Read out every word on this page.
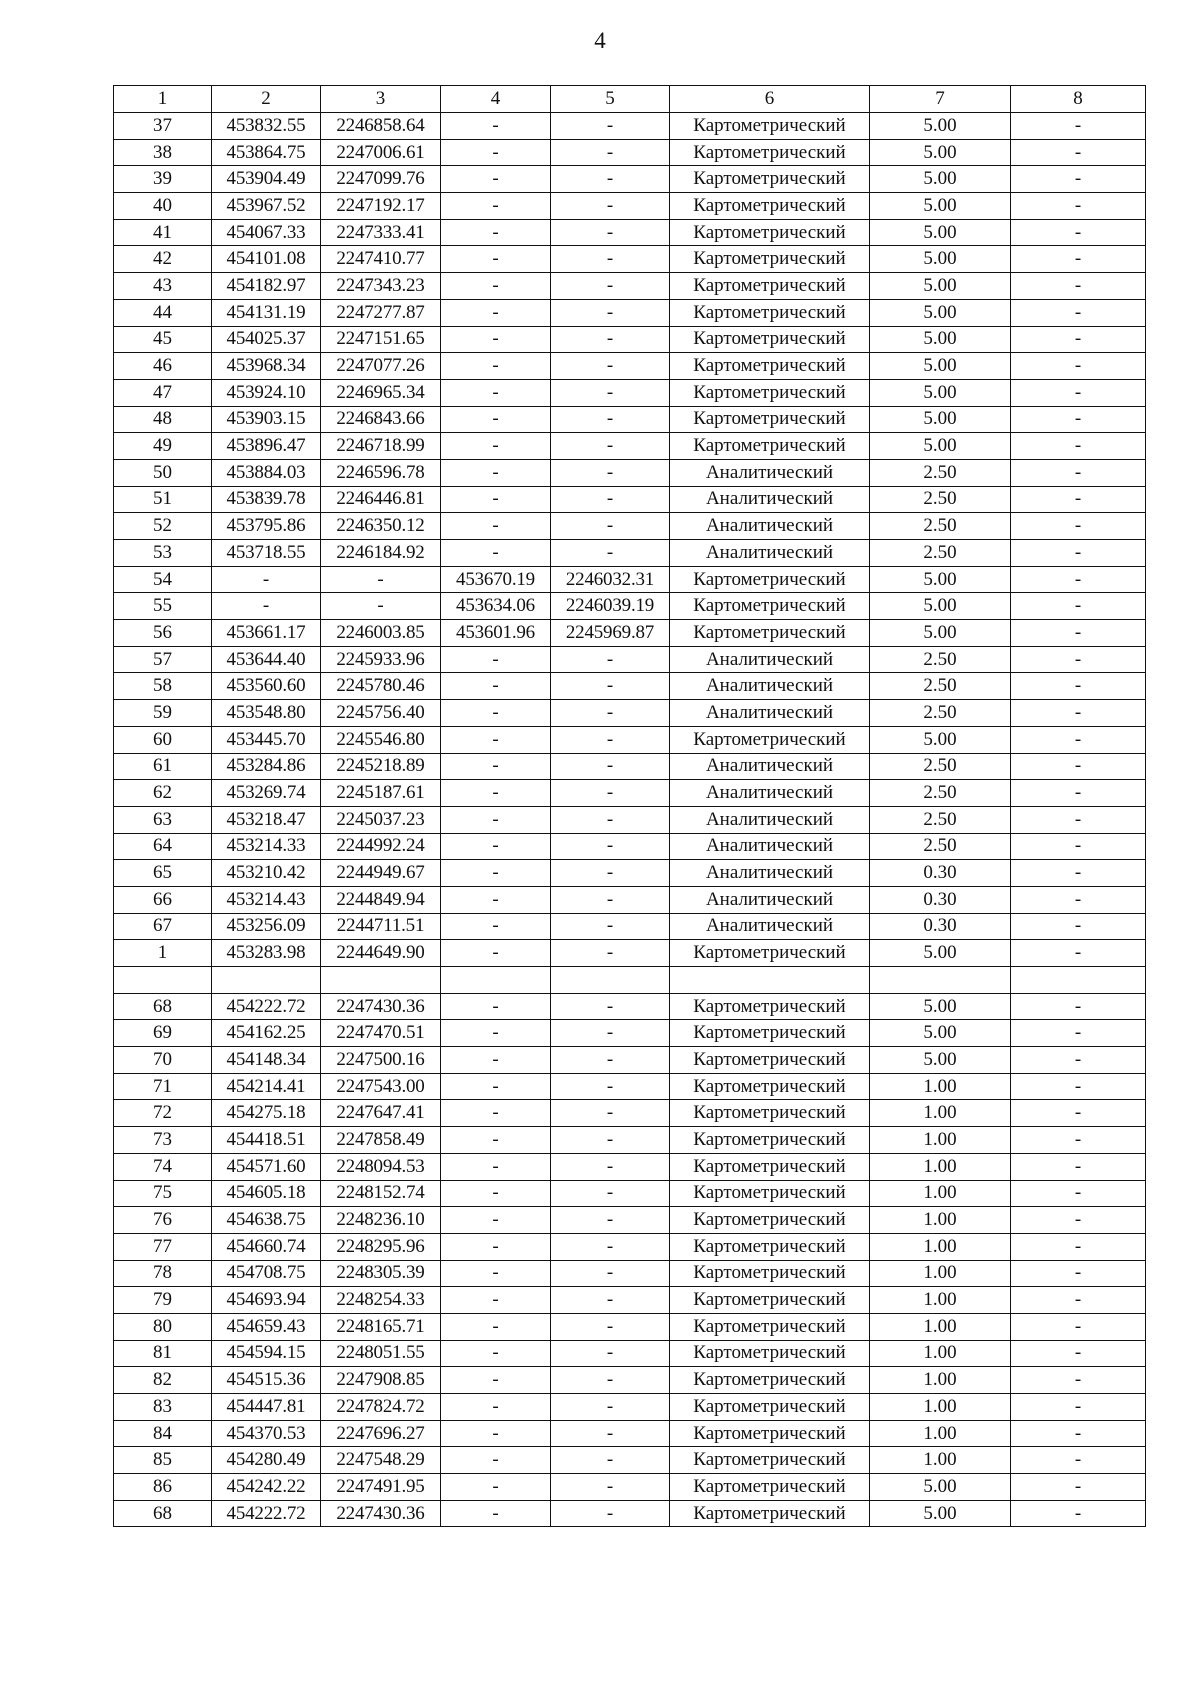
4
1	2	3	4	5	6	7	8
37	453832.55	2246858.64	-	-	Картометрический	5.00	-
38	453864.75	2247006.61	-	-	Картометрический	5.00	-
39	453904.49	2247099.76	-	-	Картометрический	5.00	-
40	453967.52	2247192.17	-	-	Картометрический	5.00	-
41	454067.33	2247333.41	-	-	Картометрический	5.00	-
42	454101.08	2247410.77	-	-	Картометрический	5.00	-
43	454182.97	2247343.23	-	-	Картометрический	5.00	-
44	454131.19	2247277.87	-	-	Картометрический	5.00	-
45	454025.37	2247151.65	-	-	Картометрический	5.00	-
46	453968.34	2247077.26	-	-	Картометрический	5.00	-
47	453924.10	2246965.34	-	-	Картометрический	5.00	-
48	453903.15	2246843.66	-	-	Картометрический	5.00	-
49	453896.47	2246718.99	-	-	Картометрический	5.00	-
50	453884.03	2246596.78	-	-	Аналитический	2.50	-
51	453839.78	2246446.81	-	-	Аналитический	2.50	-
52	453795.86	2246350.12	-	-	Аналитический	2.50	-
53	453718.55	2246184.92	-	-	Аналитический	2.50	-
54	-	-	453670.19	2246032.31	Картометрический	5.00	-
55	-	-	453634.06	2246039.19	Картометрический	5.00	-
56	453661.17	2246003.85	453601.96	2245969.87	Картометрический	5.00	-
57	453644.40	2245933.96	-	-	Аналитический	2.50	-
58	453560.60	2245780.46	-	-	Аналитический	2.50	-
59	453548.80	2245756.40	-	-	Аналитический	2.50	-
60	453445.70	2245546.80	-	-	Картометрический	5.00	-
61	453284.86	2245218.89	-	-	Аналитический	2.50	-
62	453269.74	2245187.61	-	-	Аналитический	2.50	-
63	453218.47	2245037.23	-	-	Аналитический	2.50	-
64	453214.33	2244992.24	-	-	Аналитический	2.50	-
65	453210.42	2244949.67	-	-	Аналитический	0.30	-
66	453214.43	2244849.94	-	-	Аналитический	0.30	-
67	453256.09	2244711.51	-	-	Аналитический	0.30	-
1	453283.98	2244649.90	-	-	Картометрический	5.00	-

68	454222.72	2247430.36	-	-	Картометрический	5.00	-
69	454162.25	2247470.51	-	-	Картометрический	5.00	-
70	454148.34	2247500.16	-	-	Картометрический	5.00	-
71	454214.41	2247543.00	-	-	Картометрический	1.00	-
72	454275.18	2247647.41	-	-	Картометрический	1.00	-
73	454418.51	2247858.49	-	-	Картометрический	1.00	-
74	454571.60	2248094.53	-	-	Картометрический	1.00	-
75	454605.18	2248152.74	-	-	Картометрический	1.00	-
76	454638.75	2248236.10	-	-	Картометрический	1.00	-
77	454660.74	2248295.96	-	-	Картометрический	1.00	-
78	454708.75	2248305.39	-	-	Картометрический	1.00	-
79	454693.94	2248254.33	-	-	Картометрический	1.00	-
80	454659.43	2248165.71	-	-	Картометрический	1.00	-
81	454594.15	2248051.55	-	-	Картометрический	1.00	-
82	454515.36	2247908.85	-	-	Картометрический	1.00	-
83	454447.81	2247824.72	-	-	Картометрический	1.00	-
84	454370.53	2247696.27	-	-	Картометрический	1.00	-
85	454280.49	2247548.29	-	-	Картометрический	1.00	-
86	454242.22	2247491.95	-	-	Картометрический	5.00	-
68	454222.72	2247430.36	-	-	Картометрический	5.00	-
